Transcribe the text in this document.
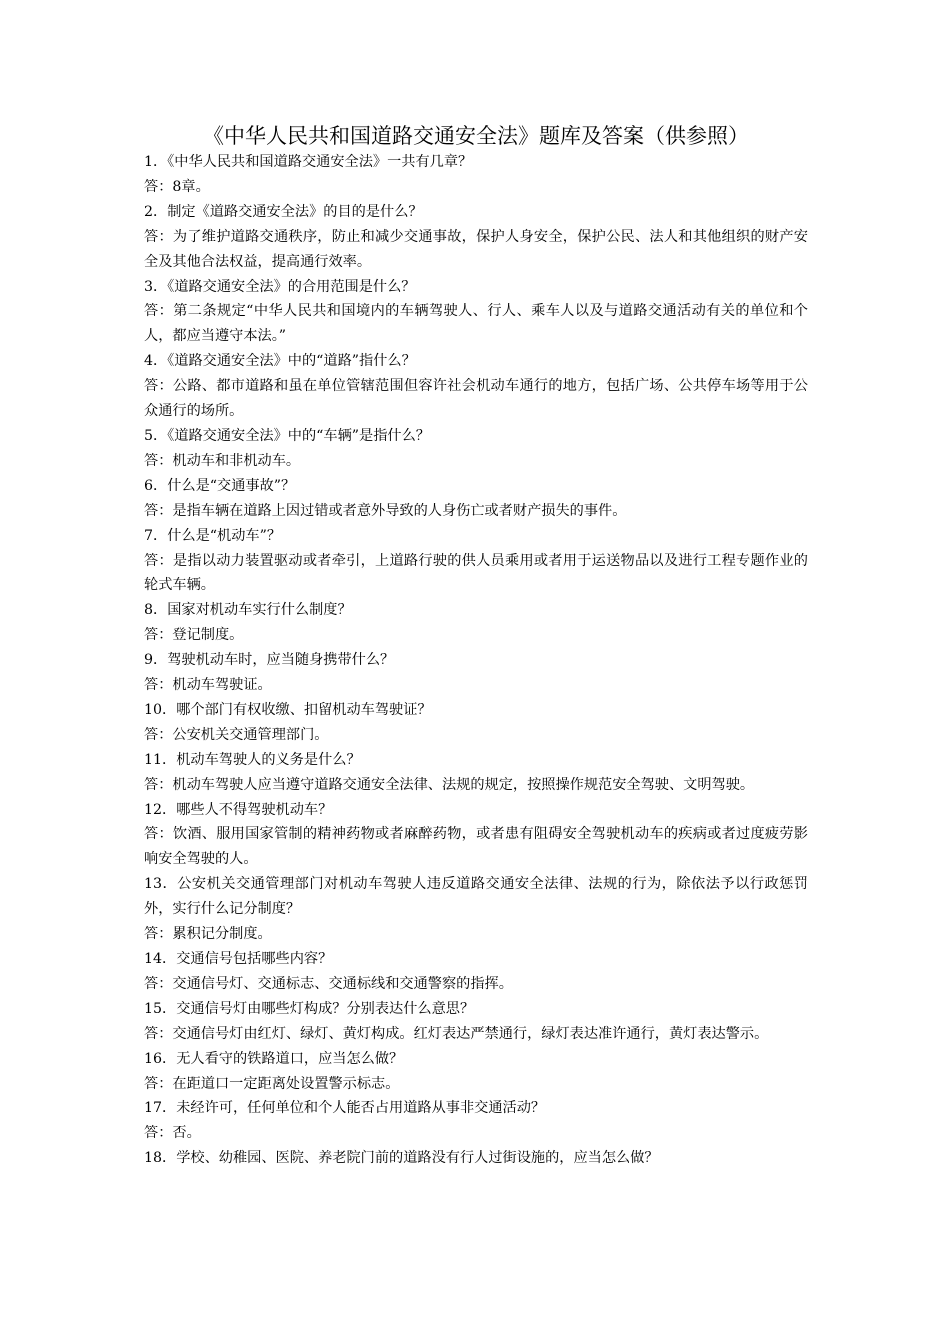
《中华人民共和国道路交通安全法》题库及答案（供参照）

1．《中华人民共和国道路交通安全法》一共有几章？

答：8章。

2．制定《道路交通安全法》的目的是什么？

答：为了维护道路交通秩序，防止和减少交通事故，保护人身安全，保护公民、法人和其他组织的财产安全及其他合法权益，提高通行效率。

3．《道路交通安全法》的合用范围是什么？

答：第二条规定“中华人民共和国境内的车辆驾驶人、行人、乘车人以及与道路交通活动有关的单位和个人，都应当遵守本法。”

4．《道路交通安全法》中的“道路”指什么？

答：公路、都市道路和虽在单位管辖范围但容许社会机动车通行的地方，包括广场、公共停车场等用于公众通行的场所。

5．《道路交通安全法》中的“车辆”是指什么？

答：机动车和非机动车。

6．什么是“交通事故”？

答：是指车辆在道路上因过错或者意外导致的人身伤亡或者财产损失的事件。

7．什么是“机动车”？

答：是指以动力装置驱动或者牵引，上道路行驶的供人员乘用或者用于运送物品以及进行工程专题作业的轮式车辆。

8．国家对机动车实行什么制度？

答：登记制度。

9．驾驶机动车时，应当随身携带什么？

答：机动车驾驶证。

10．哪个部门有权收缴、扣留机动车驾驶证？

答：公安机关交通管理部门。

11．机动车驾驶人的义务是什么？

答：机动车驾驶人应当遵守道路交通安全法律、法规的规定，按照操作规范安全驾驶、文明驾驶。

12．哪些人不得驾驶机动车？

答：饮酒、服用国家管制的精神药物或者麻醉药物，或者患有阻碍安全驾驶机动车的疾病或者过度疲劳影响安全驾驶的人。

13．公安机关交通管理部门对机动车驾驶人违反道路交通安全法律、法规的行为，除依法予以行政惩罚外，实行什么记分制度？

答：累积记分制度。

14．交通信号包括哪些内容？

答：交通信号灯、交通标志、交通标线和交通警察的指挥。

15．交通信号灯由哪些灯构成？分别表达什么意思？

答：交通信号灯由红灯、绿灯、黄灯构成。红灯表达严禁通行，绿灯表达准许通行，黄灯表达警示。

16．无人看守的铁路道口，应当怎么做？

答：在距道口一定距离处设置警示标志。

17．未经许可，任何单位和个人能否占用道路从事非交通活动？

答：否。

18．学校、幼稚园、医院、养老院门前的道路没有行人过街设施的，应当怎么做？
